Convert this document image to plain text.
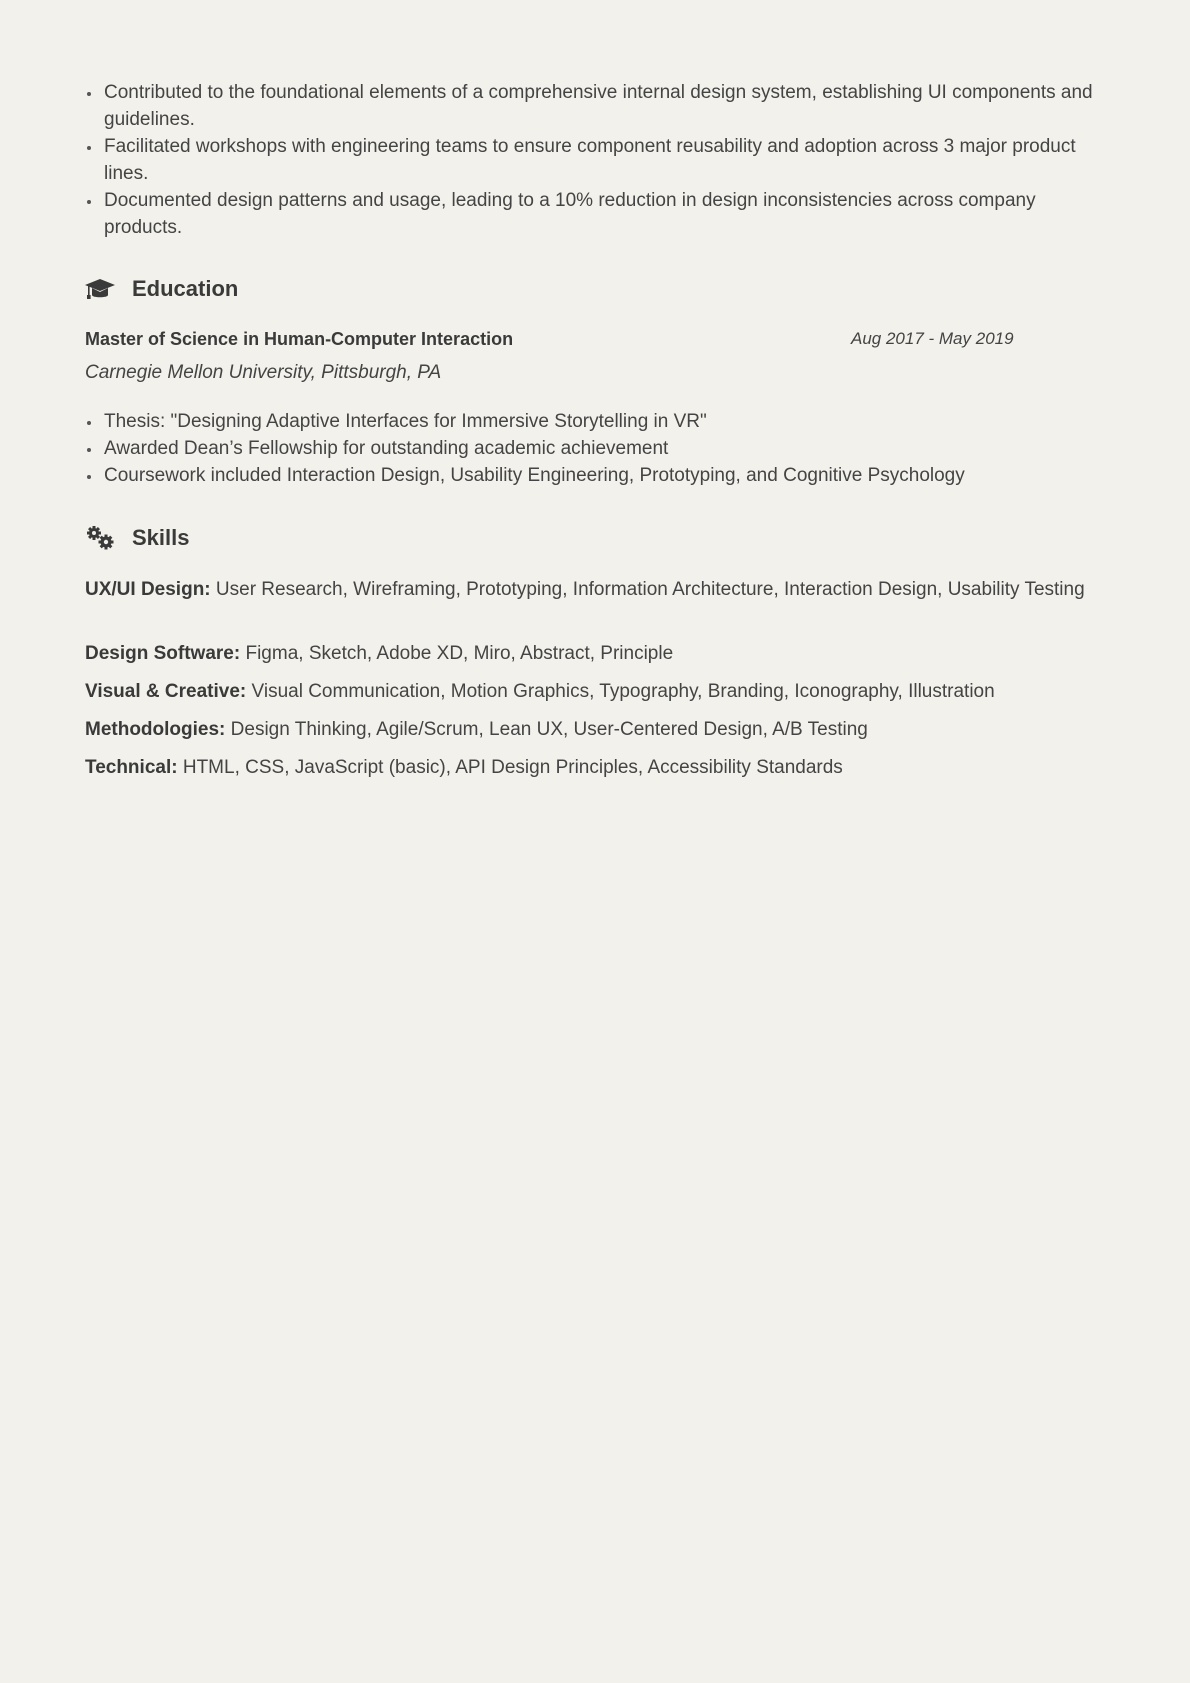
Contributed to the foundational elements of a comprehensive internal design system, establishing UI components and guidelines.
Facilitated workshops with engineering teams to ensure component reusability and adoption across 3 major product lines.
Documented design patterns and usage, leading to a 10% reduction in design inconsistencies across company products.
Education
Master of Science in Human-Computer Interaction	Aug 2017 - May 2019
Carnegie Mellon University, Pittsburgh, PA
Thesis: "Designing Adaptive Interfaces for Immersive Storytelling in VR"
Awarded Dean’s Fellowship for outstanding academic achievement
Coursework included Interaction Design, Usability Engineering, Prototyping, and Cognitive Psychology
Skills
UX/UI Design: User Research, Wireframing, Prototyping, Information Architecture, Interaction Design, Usability Testing
Design Software: Figma, Sketch, Adobe XD, Miro, Abstract, Principle
Visual & Creative: Visual Communication, Motion Graphics, Typography, Branding, Iconography, Illustration
Methodologies: Design Thinking, Agile/Scrum, Lean UX, User-Centered Design, A/B Testing
Technical: HTML, CSS, JavaScript (basic), API Design Principles, Accessibility Standards
